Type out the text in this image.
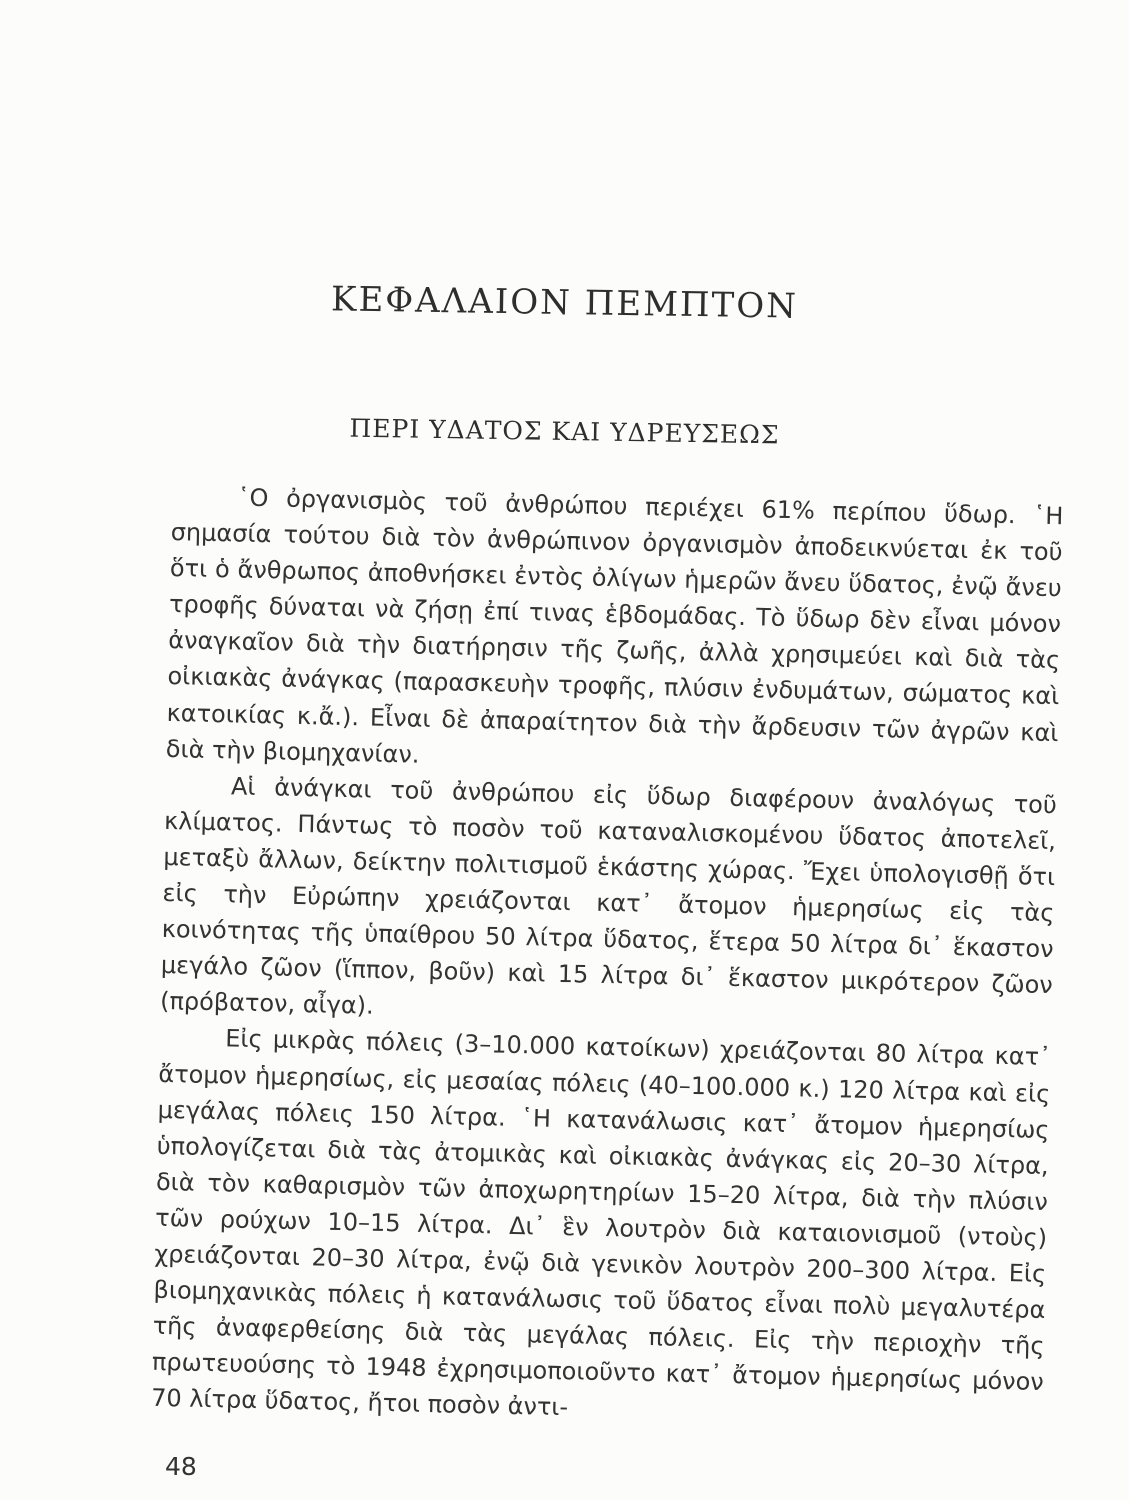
ΚΕΦΑΛΑΙΟΝ ΠΕΜΠΤΟΝ
ΠΕΡΙ ΥΔΑΤΟΣ ΚΑΙ ΥΔΡΕΥΣΕΩΣ

῾Ο ὀργανισμὸς τοῦ ἀνθρώπου περιέχει 61% περίπου ὕδωρ. ῾Η σημασία τούτου διὰ τὸν ἀνθρώπινον ὀργανισμὸν ἀποδεικνύεται ἐκ τοῦ ὅτι ὁ ἄνθρωπος ἀποθνήσκει ἐντὸς ὀλίγων ἡμερῶν ἄνευ ὕδατος, ἐνῷ ἄνευ τροφῆς δύναται νὰ ζήσῃ ἐπί τινας ἑβδομάδας. Τὸ ὕδωρ δὲν εἶναι μόνον ἀναγκαῖον διὰ τὴν διατήρησιν τῆς ζωῆς, ἀλλὰ χρησιμεύει καὶ διὰ τὰς οἰκιακὰς ἀνάγκας (παρασκευὴν τροφῆς, πλύσιν ἐνδυμάτων, σώματος καὶ κατοικίας κ.ἄ.). Εἶναι δὲ ἀπαραίτητον διὰ τὴν ἄρδευσιν τῶν ἀγρῶν καὶ διὰ τὴν βιομηχανίαν.

Αἱ ἀνάγκαι τοῦ ἀνθρώπου εἰς ὕδωρ διαφέρουν ἀναλόγως τοῦ κλίματος. Πάντως τὸ ποσὸν τοῦ καταναλισκομένου ὕδατος ἀποτελεῖ, μεταξὺ ἄλλων, δείκτην πολιτισμοῦ ἑκάστης χώρας. Ἔχει ὑπολογισθῇ ὅτι εἰς τὴν Εὐρώπην χρειάζονται κατ᾽ ἄτομον ἡμερησίως εἰς τὰς κοινότητας τῆς ὑπαίθρου 50 λίτρα ὕδατος, ἕτερα 50 λίτρα δι᾽ ἕκαστον μεγάλο ζῶον (ἵππον, βοῦν) καὶ 15 λίτρα δι᾽ ἕκαστον μικρότερον ζῶον (πρόβατον, αἶγα).

Εἰς μικρὰς πόλεις (3–10.000 κατοίκων) χρειάζονται 80 λίτρα κατ᾽ ἄτομον ἡμερησίως, εἰς μεσαίας πόλεις (40–100.000 κ.) 120 λίτρα καὶ εἰς μεγάλας πόλεις 150 λίτρα. ῾Η κατανάλωσις κατ᾽ ἄτομον ἡμερησίως ὑπολογίζεται διὰ τὰς ἀτομικὰς καὶ οἰκιακὰς ἀνάγκας εἰς 20–30 λίτρα, διὰ τὸν καθαρισμὸν τῶν ἀποχωρητηρίων 15–20 λίτρα, διὰ τὴν πλύσιν τῶν ρούχων 10–15 λίτρα. Δι᾽ ἓν λουτρὸν διὰ καταιονισμοῦ (ντοὺς) χρειάζονται 20–30 λίτρα, ἐνῷ διὰ γενικὸν λουτρὸν 200–300 λίτρα. Εἰς βιομηχανικὰς πόλεις ἡ κατανάλωσις τοῦ ὕδατος εἶναι πολὺ μεγαλυτέρα τῆς ἀναφερθείσης διὰ τὰς μεγάλας πόλεις. Εἰς τὴν περιοχὴν τῆς πρωτευούσης τὸ 1948 ἐχρησιμοποιοῦντο κατ᾽ ἄτομον ἡμερησίως μόνον 70 λίτρα ὕδατος, ἤτοι ποσὸν ἀντι-

48
